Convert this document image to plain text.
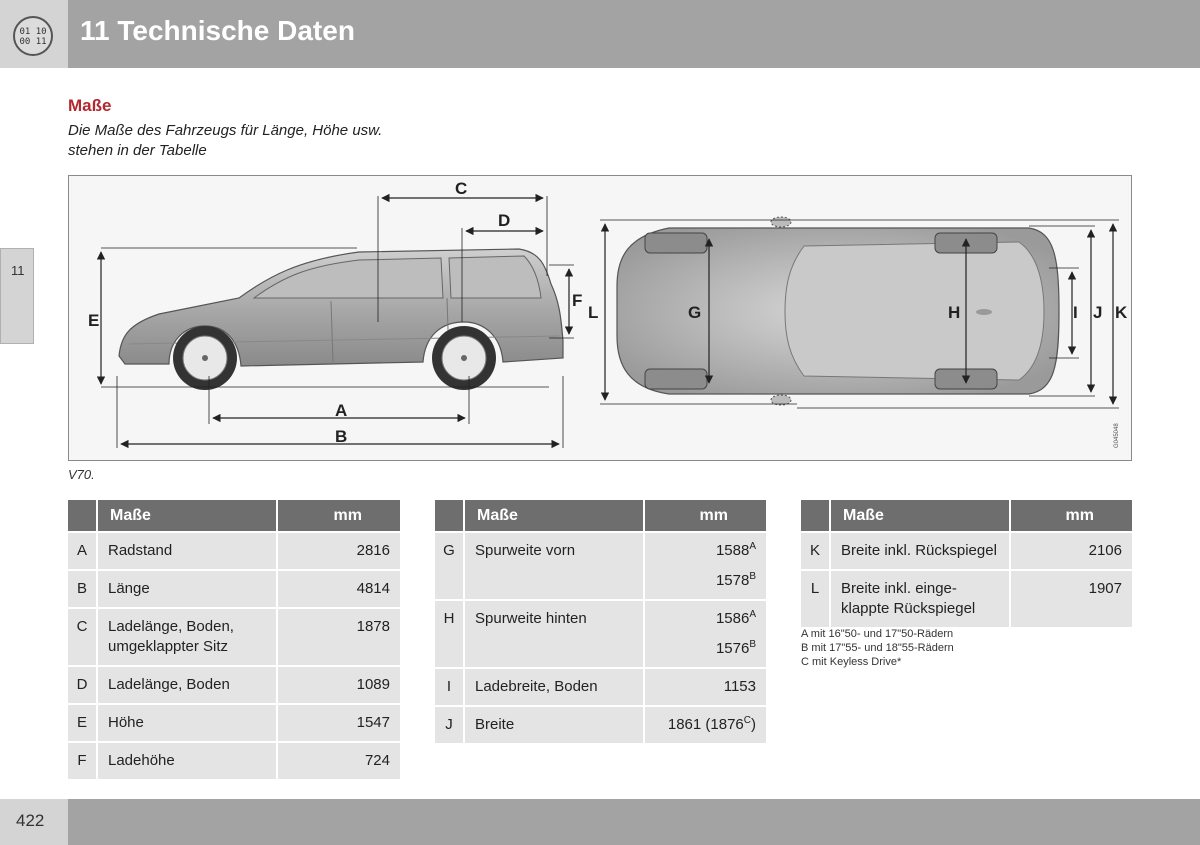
01 10 00 11 11 Technische Daten
11
Maße
Die Maße des Fahrzeugs für Länge, Höhe usw. stehen in der Tabelle
E
A
B
C
D
F
L	G	H	I J K
G045048
V70.
	Maße	mm
A	Radstand	2816
B	Länge	4814
C	Ladelänge, Boden, umgeklappter Sitz	1878
D	Ladelänge, Boden	1089
E	Höhe	1547
F	Ladehöhe	724
	Maße	mm
G	Spurweite vorn	$1588^A$
$1578^B$

H	Spurweite hinten	$1586^A$
$1576^B$

I	Ladebreite, Boden	1153
J	Breite	1861 $(1876^C)$
	Maße	mm
K	Breite inkl. Rückspiegel	2106
L	Breite inkl. einge-klappte Rückspiegel	1907
A mit 16"50- und 17"50-Rädern
B mit 17"55- und 18"55-Rädern
C mit Keyless Drive*
422
